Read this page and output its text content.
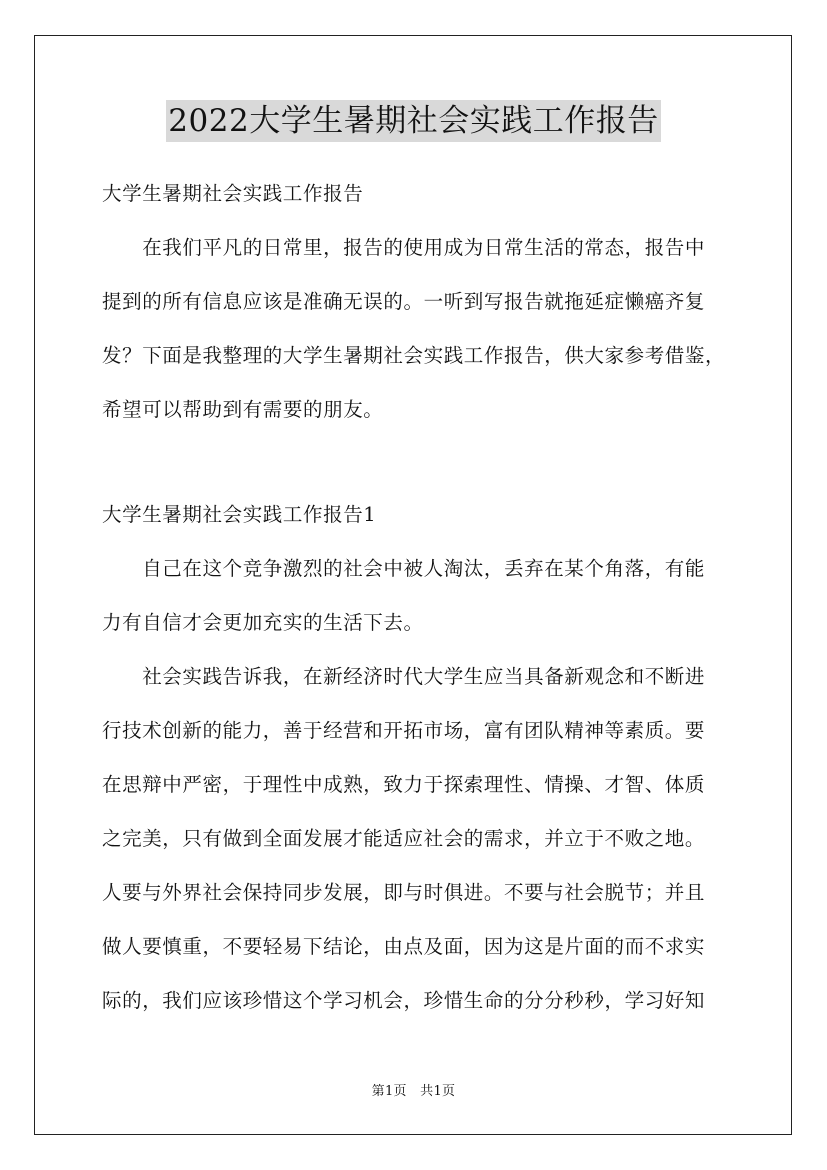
2022大学生暑期社会实践工作报告

大学生暑期社会实践工作报告

　　在我们平凡的日常里，报告的使用成为日常生活的常态，报告中

提到的所有信息应该是准确无误的。一听到写报告就拖延症懒癌齐复

发？下面是我整理的大学生暑期社会实践工作报告，供大家参考借鉴，

希望可以帮助到有需要的朋友。

大学生暑期社会实践工作报告1

　　自己在这个竞争激烈的社会中被人淘汰，丢弃在某个角落，有能

力有自信才会更加充实的生活下去。

　　社会实践告诉我，在新经济时代大学生应当具备新观念和不断进

行技术创新的能力，善于经营和开拓市场，富有团队精神等素质。要

在思辩中严密，于理性中成熟，致力于探索理性、情操、才智、体质

之完美，只有做到全面发展才能适应社会的需求，并立于不败之地。

人要与外界社会保持同步发展，即与时俱进。不要与社会脱节；并且

做人要慎重，不要轻易下结论，由点及面，因为这是片面的而不求实

际的，我们应该珍惜这个学习机会，珍惜生命的分分秒秒，学习好知

第1页　共1页
